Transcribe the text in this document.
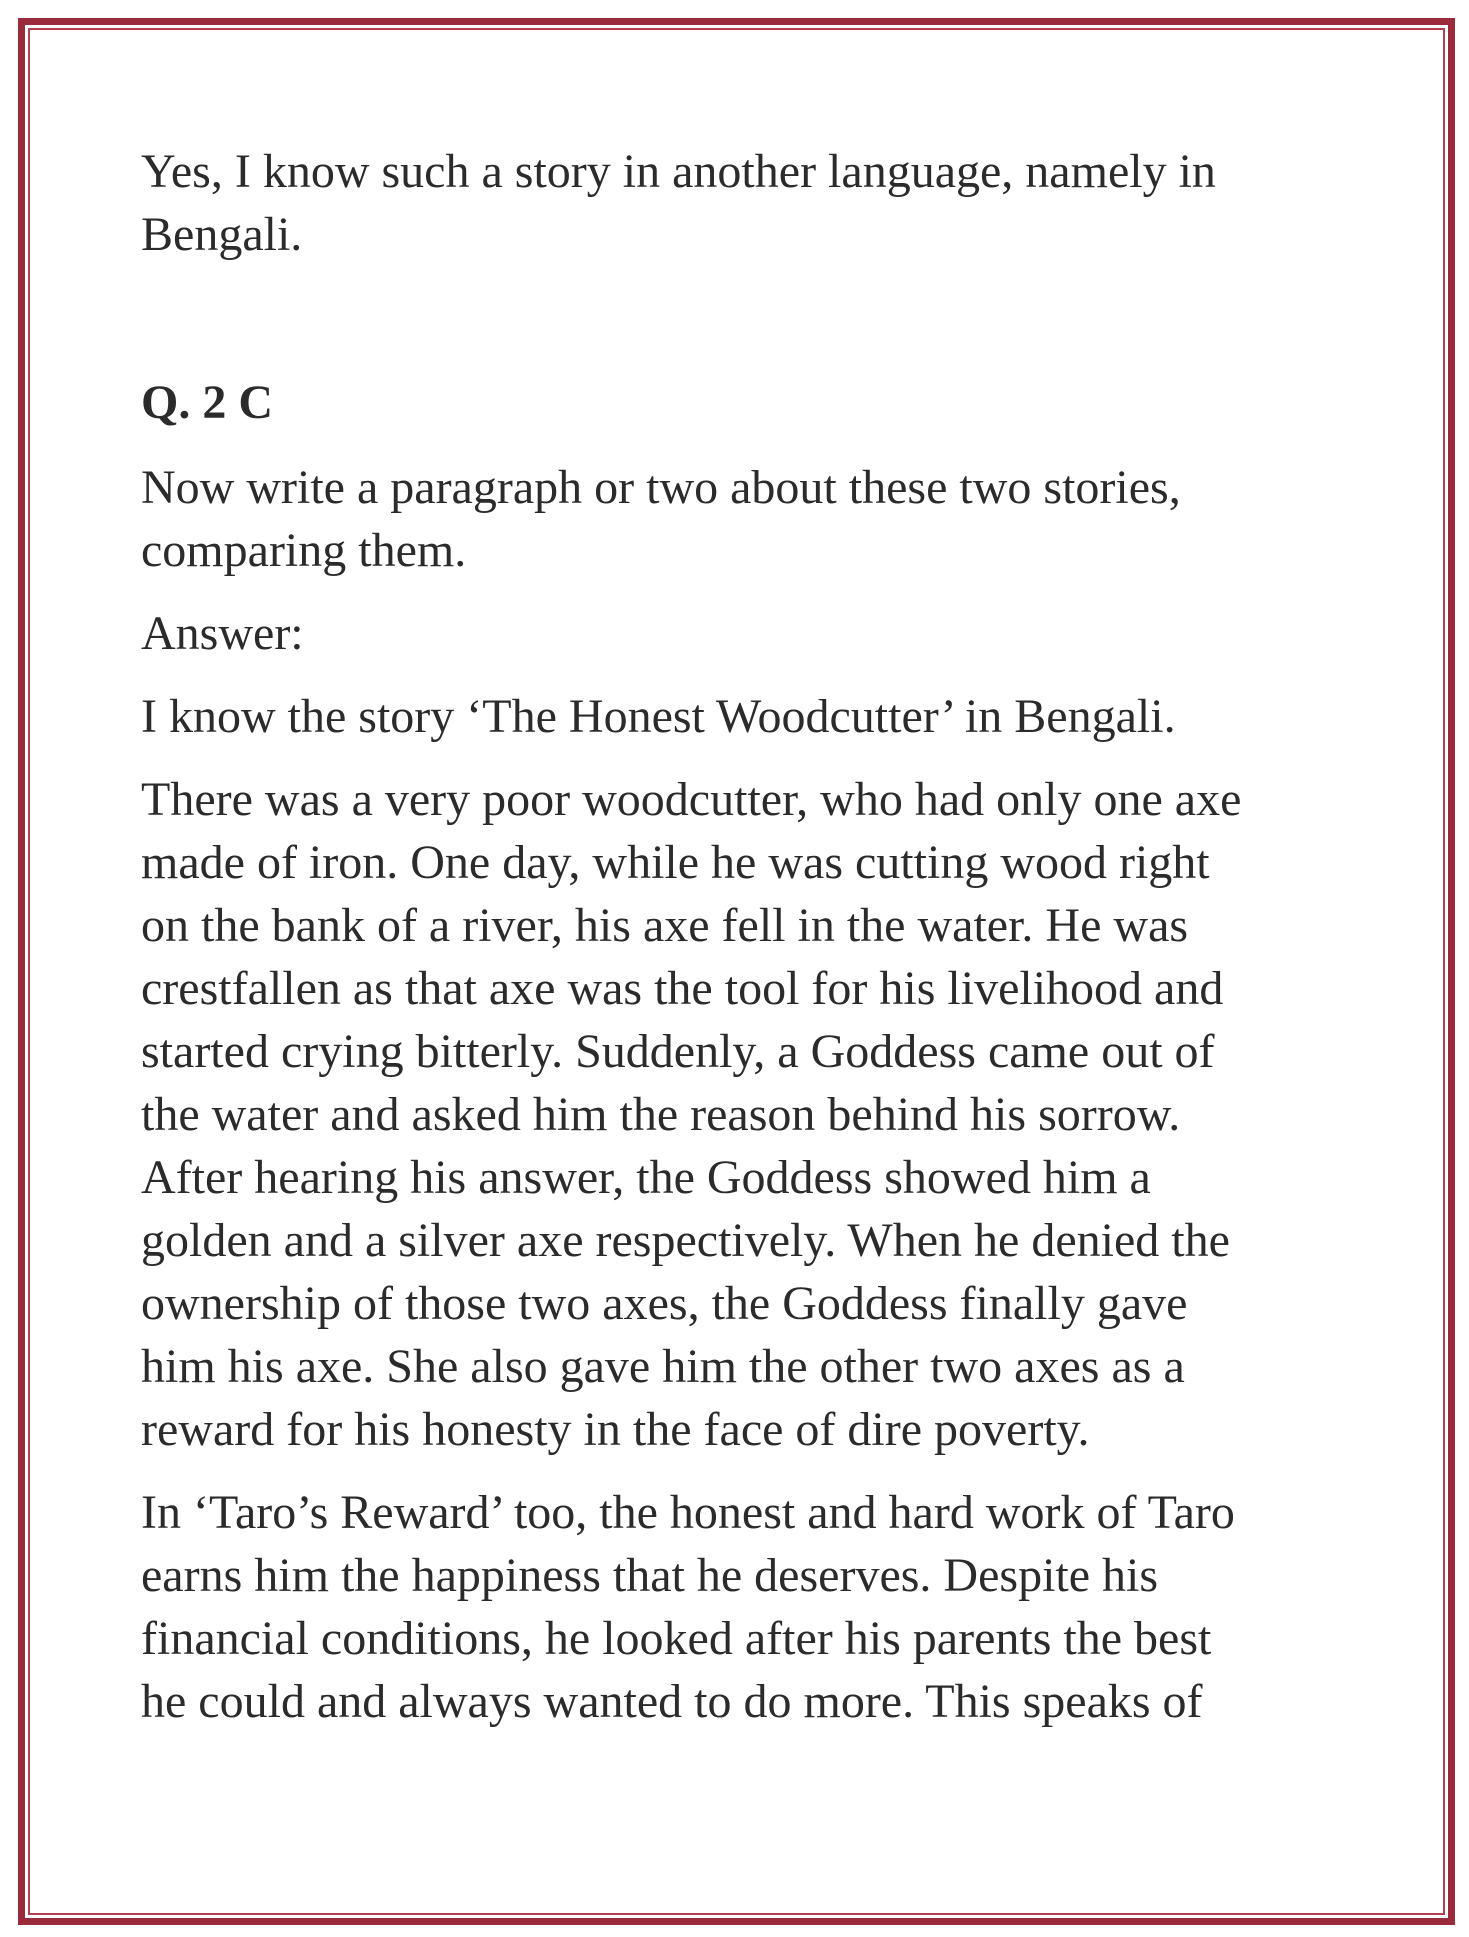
Yes, I know such a story in another language, namely in
Bengali.

Q. 2 C

Now write a paragraph or two about these two stories,
comparing them.

Answer:

I know the story ‘The Honest Woodcutter’ in Bengali.

There was a very poor woodcutter, who had only one axe
made of iron. One day, while he was cutting wood right
on the bank of a river, his axe fell in the water. He was
crestfallen as that axe was the tool for his livelihood and
started crying bitterly. Suddenly, a Goddess came out of
the water and asked him the reason behind his sorrow.
After hearing his answer, the Goddess showed him a
golden and a silver axe respectively. When he denied the
ownership of those two axes, the Goddess finally gave
him his axe. She also gave him the other two axes as a
reward for his honesty in the face of dire poverty.

In ‘Taro’s Reward’ too, the honest and hard work of Taro
earns him the happiness that he deserves. Despite his
financial conditions, he looked after his parents the best
he could and always wanted to do more. This speaks of
